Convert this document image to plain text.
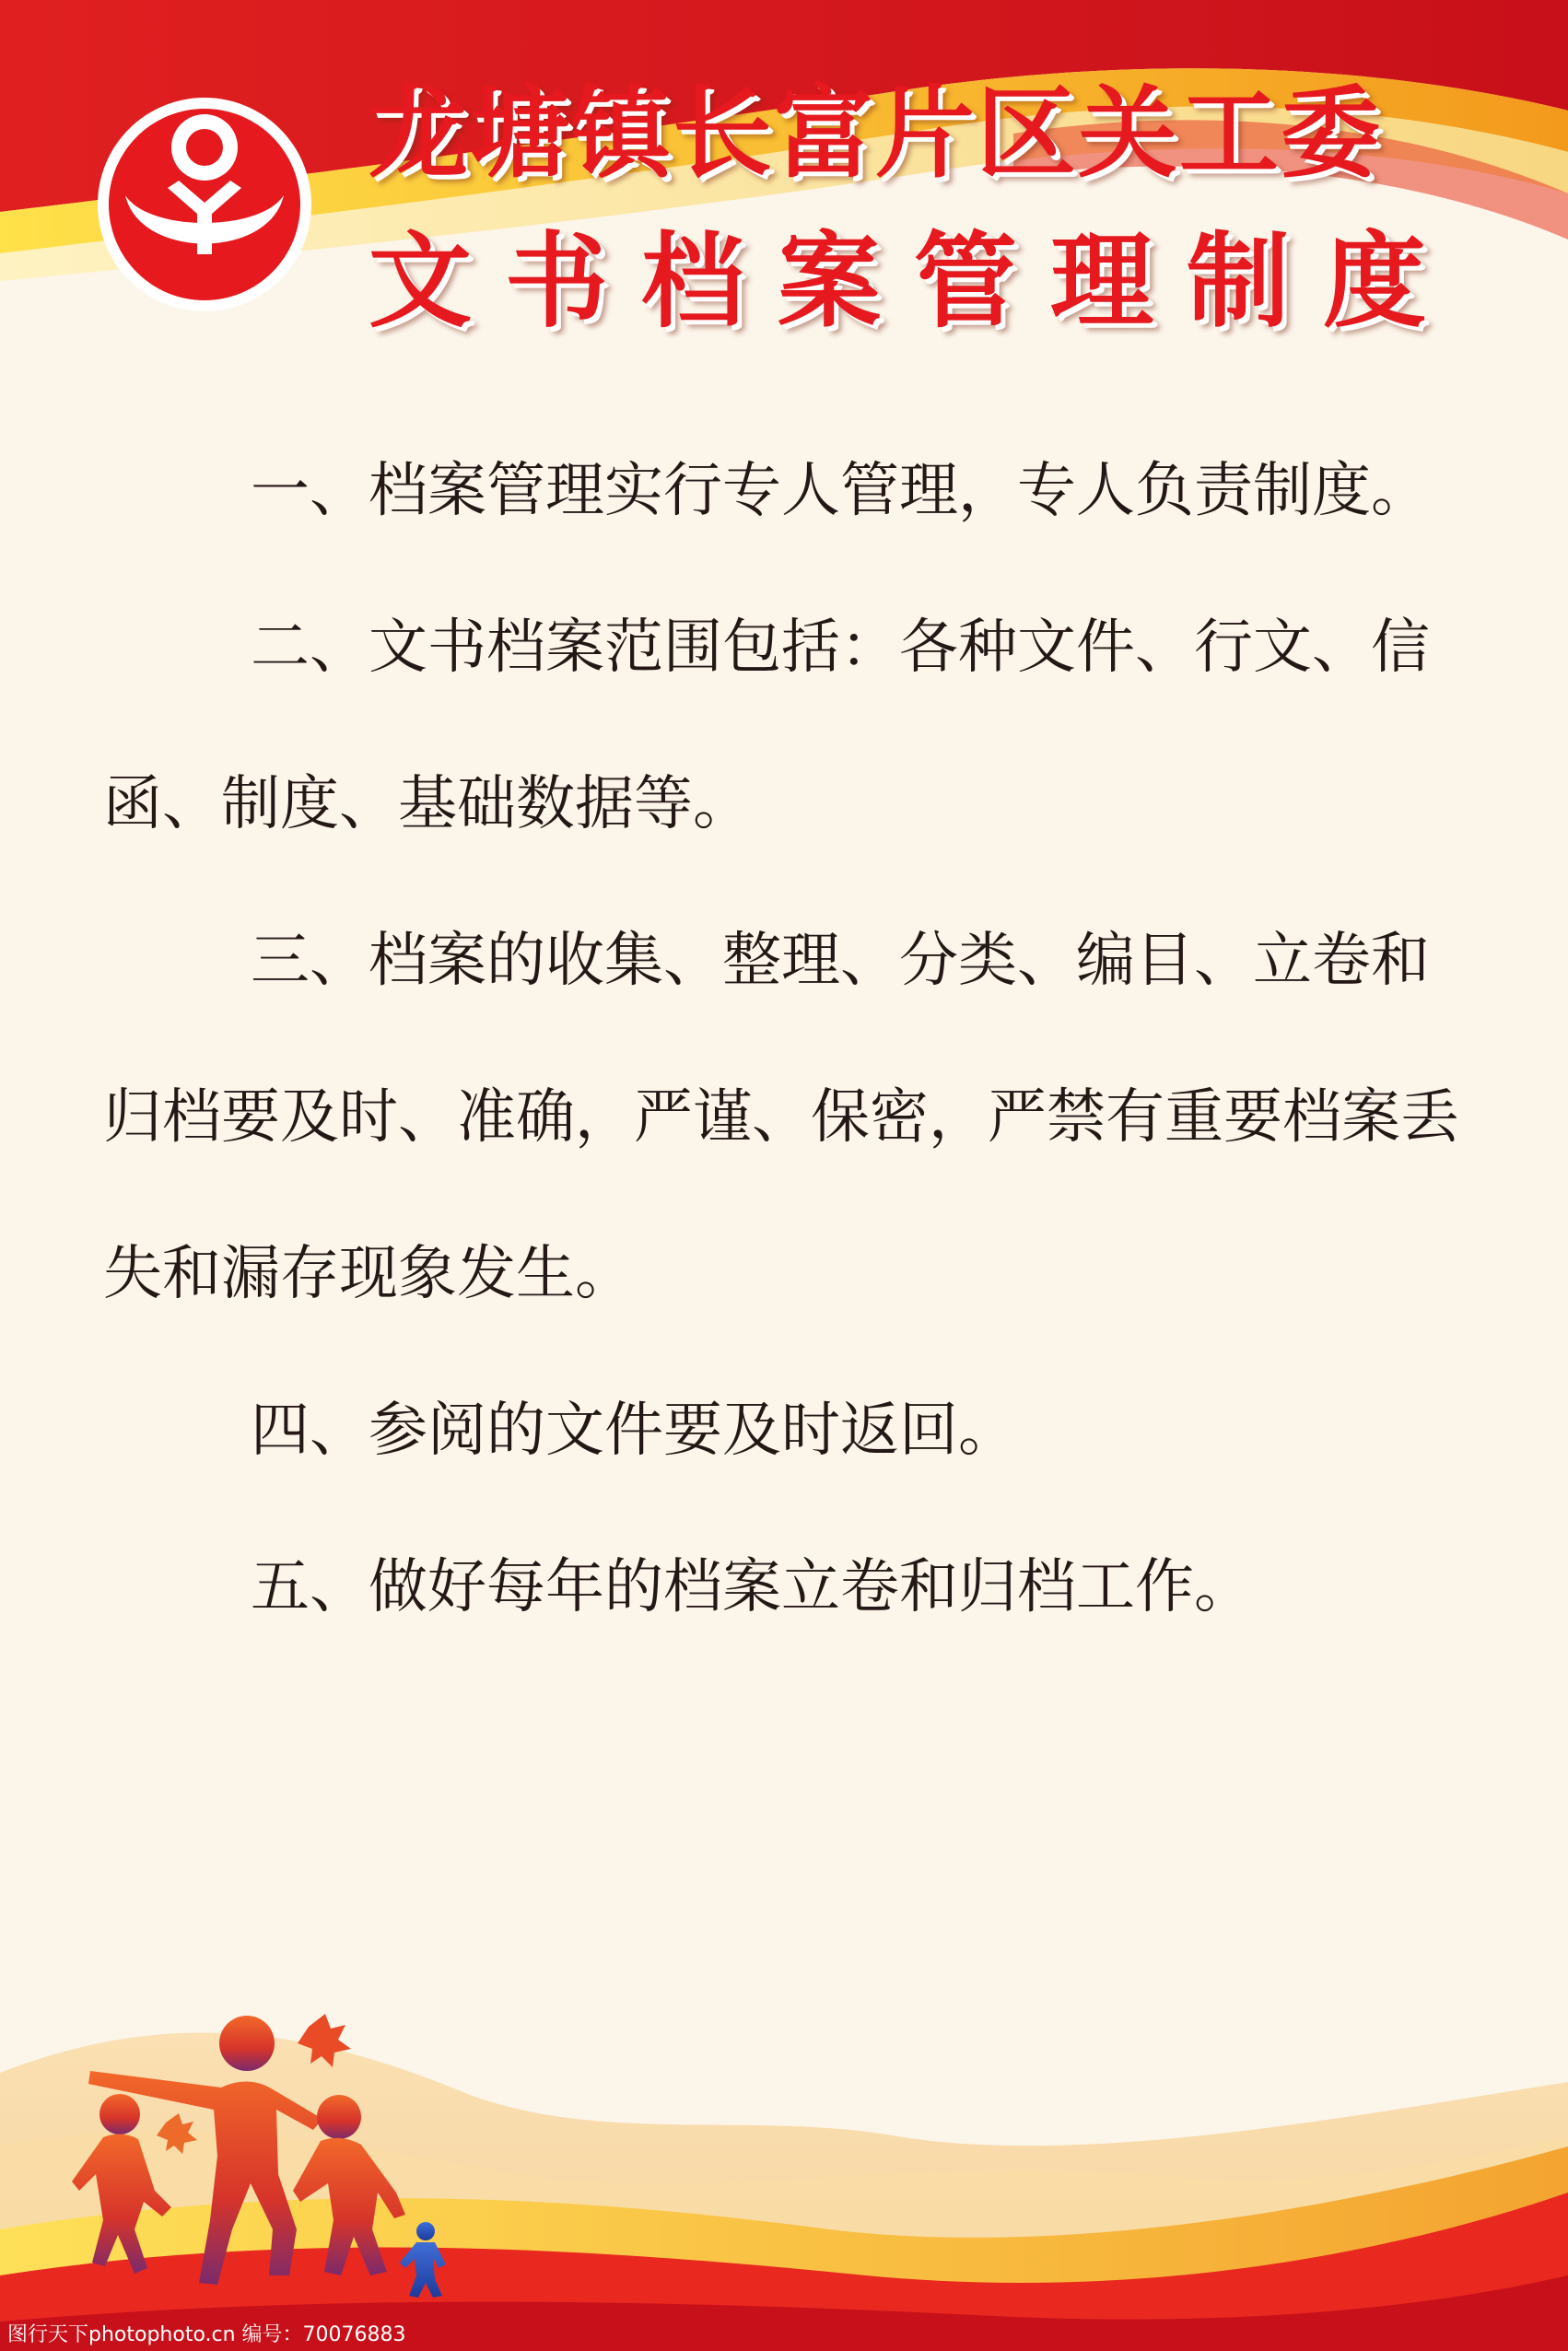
龙塘镇长富片区关工委
文书档案管理制度

一、档案管理实行专人管理，专人负责制度。

二、文书档案范围包括：各种文件、行文、信函、制度、基础数据等。

三、档案的收集、整理、分类、编目、立卷和归档要及时、准确，严谨、保密，严禁有重要档案丢失和漏存现象发生。

四、参阅的文件要及时返回。

五、做好每年的档案立卷和归档工作。

图行天下photophoto.cn 编号：70076883
